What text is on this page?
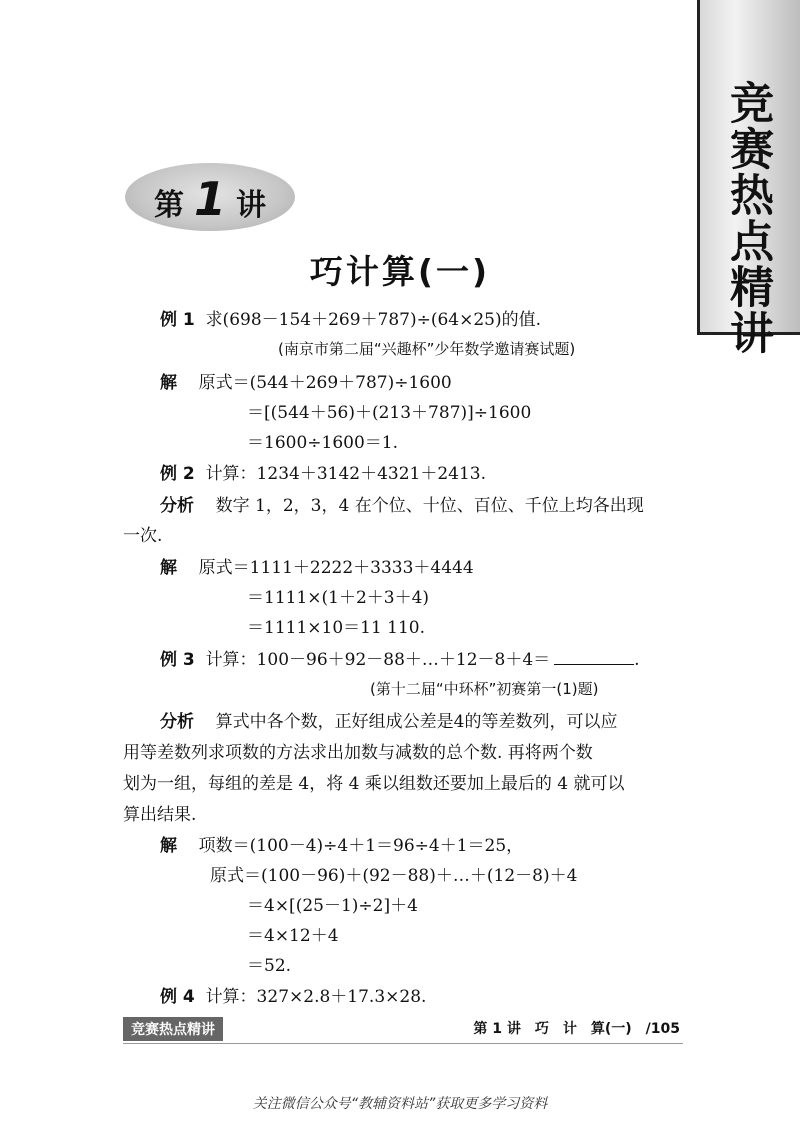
竞赛热点精讲
第 1 讲
巧计算(一)
例 1 求(698－154＋269＋787)÷(64×25)的值.
(南京市第二届“兴趣杯”少年数学邀请赛试题)
解 原式＝(544＋269＋787)÷1600
＝[(544＋56)＋(213＋787)]÷1600
＝1600÷1600＝1.
例 2 计算：1234＋3142＋4321＋2413.
分析 数字 1，2，3，4 在个位、十位、百位、千位上均各出现
一次.
解 原式＝1111＋2222＋3333＋4444
＝1111×(1＋2＋3＋4)
＝1111×10＝11 110.
例 3 计算：100－96＋92－88＋…＋12－8＋4＝	.
(第十二届“中环杯”初赛第一(1)题)
分析 算式中各个数，正好组成公差是4的等差数列，可以应
用等差数列求项数的方法求出加数与减数的总个数. 再将两个数
划为一组，每组的差是 4，将 4 乘以组数还要加上最后的 4 就可以
算出结果.
解 项数＝(100－4)÷4＋1＝96÷4＋1＝25，
原式＝(100－96)＋(92－88)＋…＋(12－8)＋4
＝4×[(25－1)÷2]＋4
＝4×12＋4
＝52.
例 4 计算：327×2.8＋17.3×28.
竞赛热点精讲	第 1 讲　巧　计　算(一)　/105
关注微信公众号“教辅资料站”获取更多学习资料
